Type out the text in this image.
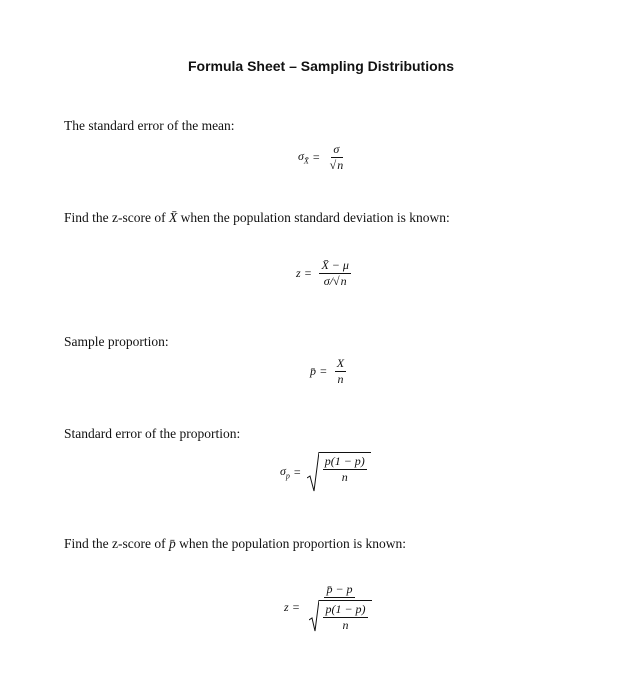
Formula Sheet – Sampling Distributions
The standard error of the mean:
$\sigma_{X̄} = \frac{\sigma}{√n}$
Find the z-score of X̄ when the population standard deviation is known:
$z = \frac{X̄ - \mu}{\sigma/√n}$
Sample proportion:
p̄ = $\frac{X}{n}$
Standard error of the proportion:
$\sigma_p = \frac{p(1 - p)}{n}$
Find the z-score of p̄ when the population proportion is known:
$z = \frac{p̄ - p}{\frac{p(1 - p)}{n}}$
